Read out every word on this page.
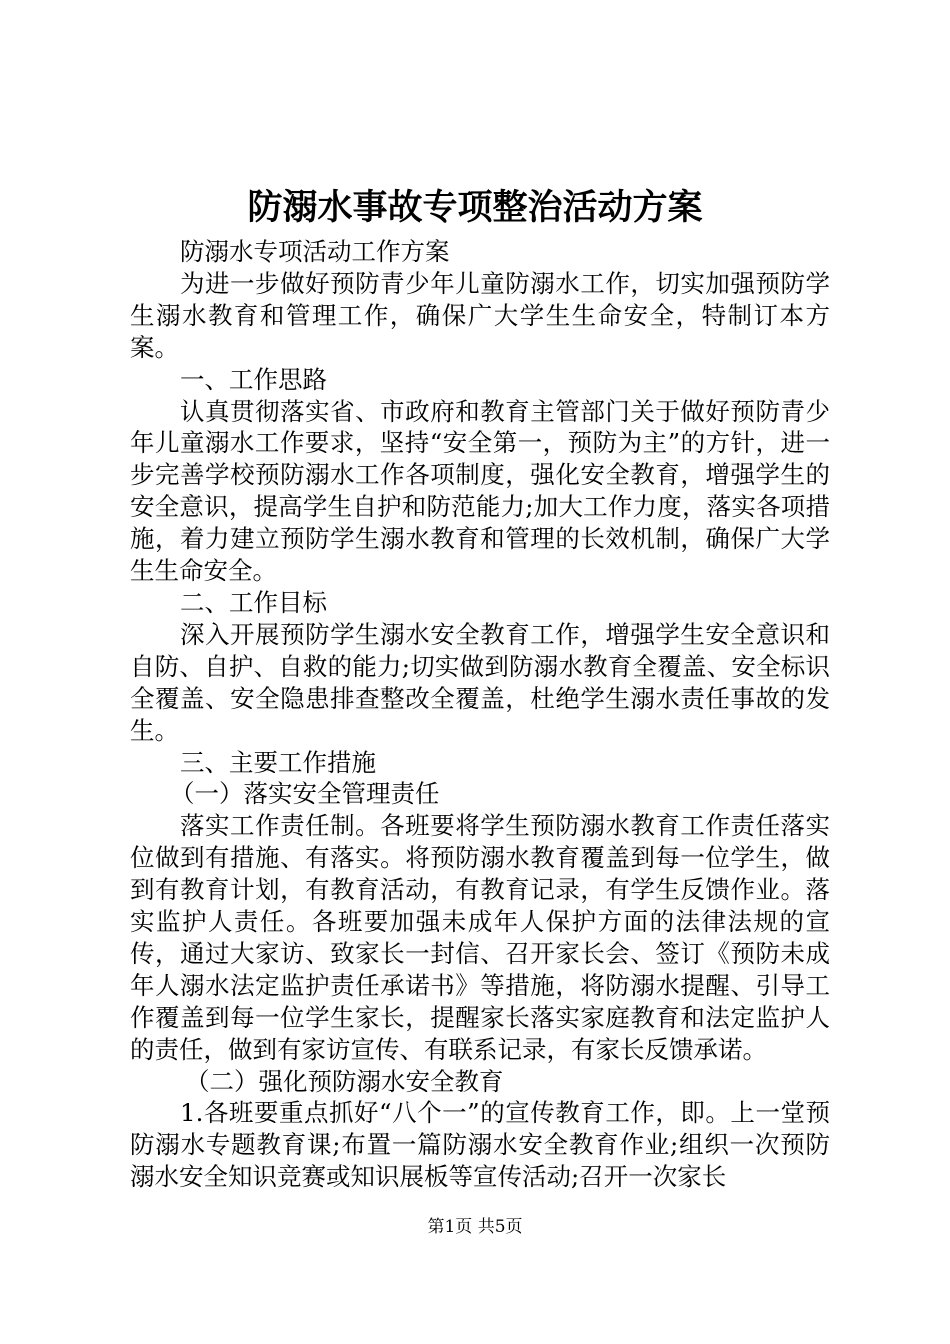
防溺水事故专项整治活动方案

防溺水专项活动工作方案

为进一步做好预防青少年儿童防溺水工作，切实加强预防学生溺水教育和管理工作，确保广大学生生命安全，特制订本方案。

一、工作思路

认真贯彻落实省、市政府和教育主管部门关于做好预防青少年儿童溺水工作要求，坚持“安全第一，预防为主”的方针，进一步完善学校预防溺水工作各项制度，强化安全教育，增强学生的安全意识，提高学生自护和防范能力;加大工作力度，落实各项措施，着力建立预防学生溺水教育和管理的长效机制，确保广大学生生命安全。

二、工作目标

深入开展预防学生溺水安全教育工作，增强学生安全意识和自防、自护、自救的能力;切实做到防溺水教育全覆盖、安全标识全覆盖、安全隐患排查整改全覆盖，杜绝学生溺水责任事故的发生。

三、主要工作措施

（一）落实安全管理责任

落实工作责任制。各班要将学生预防溺水教育工作责任落实位做到有措施、有落实。将预防溺水教育覆盖到每一位学生，做到有教育计划，有教育活动，有教育记录，有学生反馈作业。落实监护人责任。各班要加强未成年人保护方面的法律法规的宣传，通过大家访、致家长一封信、召开家长会、签订《预防未成年人溺水法定监护责任承诺书》等措施，将防溺水提醒、引导工作覆盖到每一位学生家长，提醒家长落实家庭教育和法定监护人的责任，做到有家访宣传、有联系记录，有家长反馈承诺。

（二）强化预防溺水安全教育

1.各班要重点抓好“八个一”的宣传教育工作，即。上一堂预防溺水专题教育课;布置一篇防溺水安全教育作业;组织一次预防溺水安全知识竞赛或知识展板等宣传活动;召开一次家长

第1页 共5页
